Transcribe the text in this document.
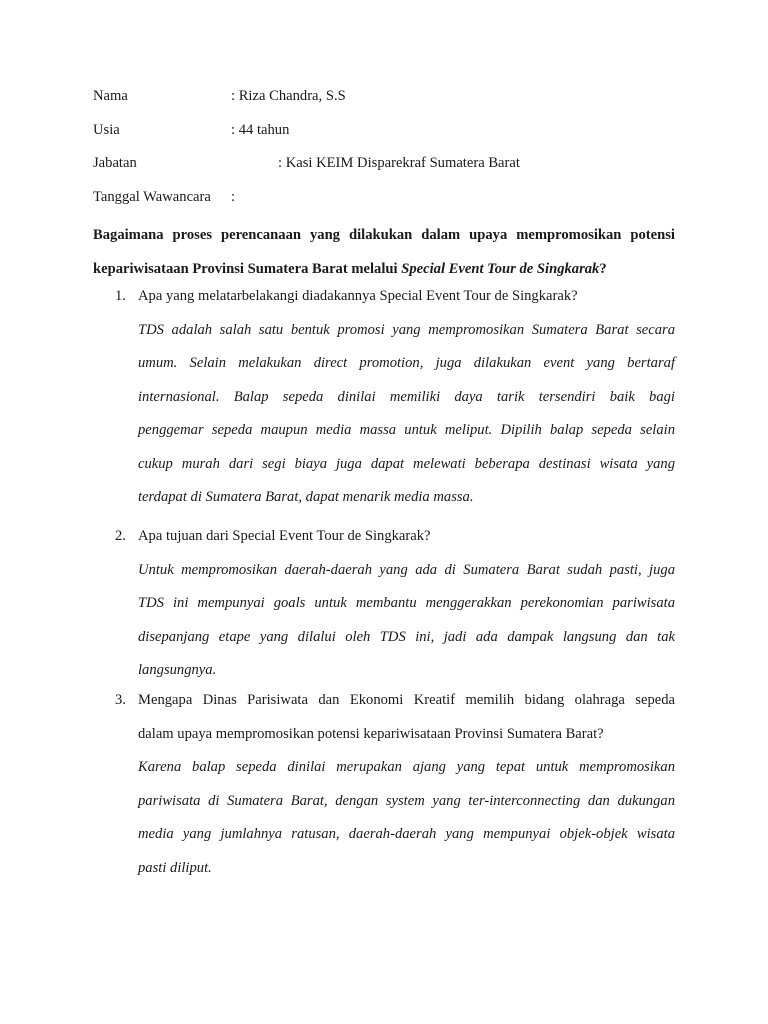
Nama	: Riza Chandra, S.S
Usia	: 44 tahun
Jabatan	: Kasi KEIM Disparekraf Sumatera Barat
Tanggal Wawancara :
Bagaimana proses perencanaan yang dilakukan dalam upaya mempromosikan potensi
kepariwisataan Provinsi Sumatera Barat melalui Special Event Tour de Singkarak?
1. Apa yang melatarbelakangi diadakannya Special Event Tour de Singkarak?
TDS adalah salah satu bentuk promosi yang mempromosikan Sumatera Barat secara
umum. Selain melakukan direct promotion, juga dilakukan event yang bertaraf
internasional. Balap sepeda dinilai memiliki daya tarik tersendiri baik bagi
penggemar sepeda maupun media massa untuk meliput. Dipilih balap sepeda selain
cukup murah dari segi biaya juga dapat melewati beberapa destinasi wisata yang
terdapat di Sumatera Barat, dapat menarik media massa.
2. Apa tujuan dari Special Event Tour de Singkarak?
Untuk mempromosikan daerah-daerah yang ada di Sumatera Barat sudah pasti, juga
TDS ini mempunyai goals untuk membantu menggerakkan perekonomian pariwisata
disepanjang etape yang dilalui oleh TDS ini, jadi ada dampak langsung dan tak
langsungnya.
3. Mengapa Dinas Parisiwata dan Ekonomi Kreatif memilih bidang olahraga sepeda
dalam upaya mempromosikan potensi kepariwisataan Provinsi Sumatera Barat?
Karena balap sepeda dinilai merupakan ajang yang tepat untuk mempromosikan
pariwisata di Sumatera Barat, dengan system yang ter-interconnecting dan dukungan
media yang jumlahnya ratusan, daerah-daerah yang mempunyai objek-objek wisata
pasti diliput.
